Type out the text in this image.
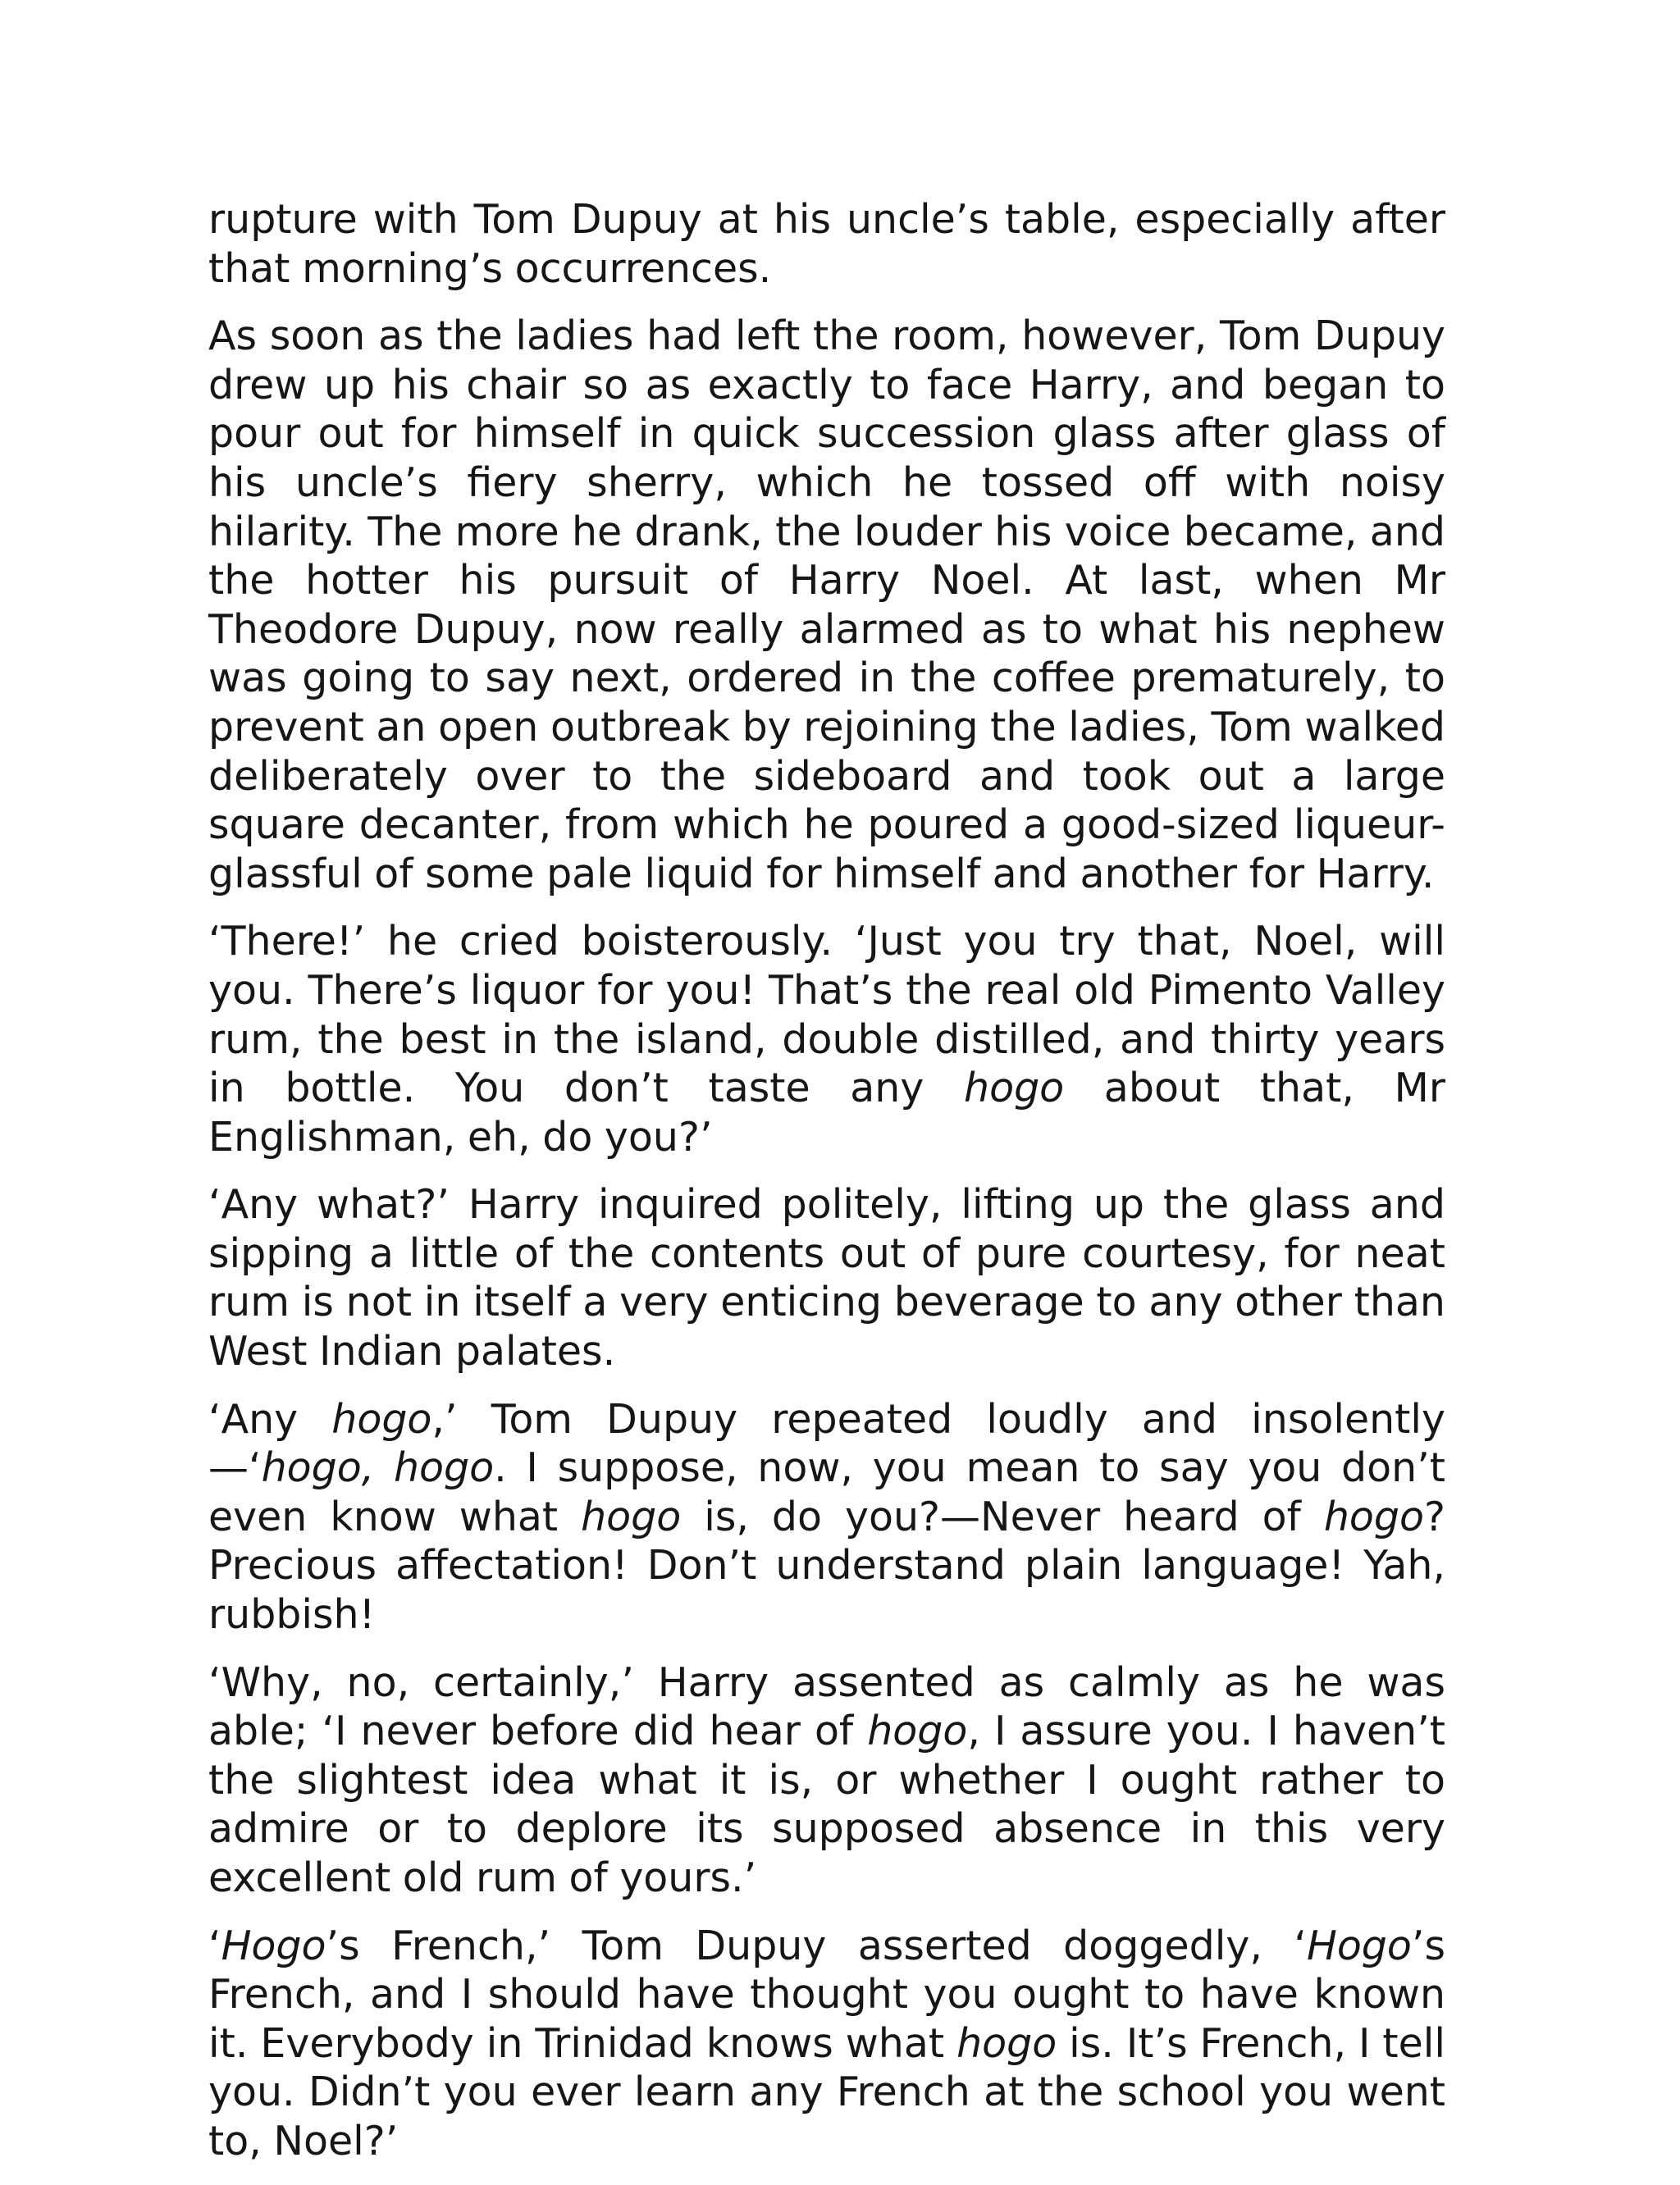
rupture with Tom Dupuy at his uncle’s table, especially after that morning’s occurrences.

As soon as the ladies had left the room, however, Tom Dupuy drew up his chair so as exactly to face Harry, and began to pour out for himself in quick succession glass after glass of his uncle’s fiery sherry, which he tossed off with noisy hilarity. The more he drank, the louder his voice became, and the hotter his pursuit of Harry Noel. At last, when Mr Theodore Dupuy, now really alarmed as to what his nephew was going to say next, ordered in the coffee prematurely, to prevent an open outbreak by rejoining the ladies, Tom walked deliberately over to the sideboard and took out a large square decanter, from which he poured a good-sized liqueur-glassful of some pale liquid for himself and another for Harry.

‘There!’ he cried boisterously. ‘Just you try that, Noel, will you. There’s liquor for you! That’s the real old Pimento Valley rum, the best in the island, double distilled, and thirty years in bottle. You don’t taste any hogo about that, Mr Englishman, eh, do you?’

‘Any what?’ Harry inquired politely, lifting up the glass and sipping a little of the contents out of pure courtesy, for neat rum is not in itself a very enticing beverage to any other than West Indian palates.

‘Any hogo,’ Tom Dupuy repeated loudly and insolently—‘hogo, hogo. I suppose, now, you mean to say you don’t even know what hogo is, do you?—Never heard of hogo? Precious affectation! Don’t understand plain language! Yah, rubbish!

‘Why, no, certainly,’ Harry assented as calmly as he was able; ‘I never before did hear of hogo, I assure you. I haven’t the slightest idea what it is, or whether I ought rather to admire or to deplore its supposed absence in this very excellent old rum of yours.’

‘Hogo’s French,’ Tom Dupuy asserted doggedly, ‘Hogo’s French, and I should have thought you ought to have known it. Everybody in Trinidad knows what hogo is. It’s French, I tell you. Didn’t you ever learn any French at the school you went to, Noel?’
